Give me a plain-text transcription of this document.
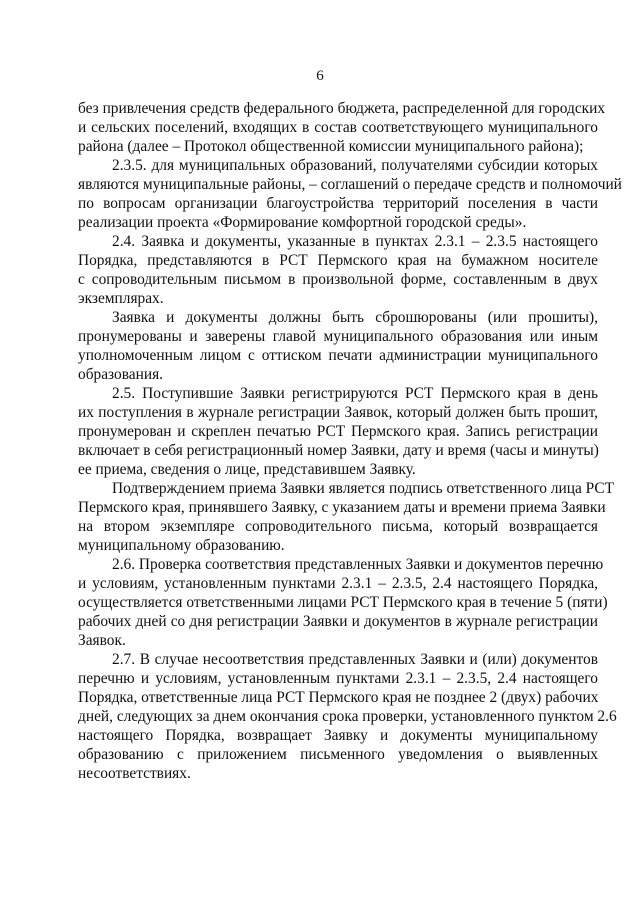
6
без привлечения средств федерального бюджета, распределенной для городских
и сельских поселений, входящих в состав соответствующего муниципального
района (далее – Протокол общественной комиссии муниципального района);
2.3.5. для муниципальных образований, получателями субсидии которых
являются муниципальные районы, – соглашений о передаче средств и полномочий
по вопросам организации благоустройства территорий поселения в части
реализации проекта «Формирование комфортной городской среды».
2.4. Заявка и документы, указанные в пунктах 2.3.1 – 2.3.5 настоящего
Порядка, представляются в РСТ Пермского края на бумажном носителе
с сопроводительным письмом в произвольной форме, составленным в двух
экземплярах.
Заявка и документы должны быть сброшюрованы (или прошиты),
пронумерованы и заверены главой муниципального образования или иным
уполномоченным лицом с оттиском печати администрации муниципального
образования.
2.5. Поступившие Заявки регистрируются РСТ Пермского края в день
их поступления в журнале регистрации Заявок, который должен быть прошит,
пронумерован и скреплен печатью РСТ Пермского края. Запись регистрации
включает в себя регистрационный номер Заявки, дату и время (часы и минуты)
ее приема, сведения о лице, представившем Заявку.
Подтверждением приема Заявки является подпись ответственного лица РСТ
Пермского края, принявшего Заявку, с указанием даты и времени приема Заявки
на втором экземпляре сопроводительного письма, который возвращается
муниципальному образованию.
2.6. Проверка соответствия представленных Заявки и документов перечню
и условиям, установленным пунктами 2.3.1 – 2.3.5, 2.4 настоящего Порядка,
осуществляется ответственными лицами РСТ Пермского края в течение 5 (пяти)
рабочих дней со дня регистрации Заявки и документов в журнале регистрации
Заявок.
2.7. В случае несоответствия представленных Заявки и (или) документов
перечню и условиям, установленным пунктами 2.3.1 – 2.3.5, 2.4 настоящего
Порядка, ответственные лица РСТ Пермского края не позднее 2 (двух) рабочих
дней, следующих за днем окончания срока проверки, установленного пунктом 2.6
настоящего Порядка, возвращает Заявку и документы муниципальному
образованию с приложением письменного уведомления о выявленных
несоответствиях.
